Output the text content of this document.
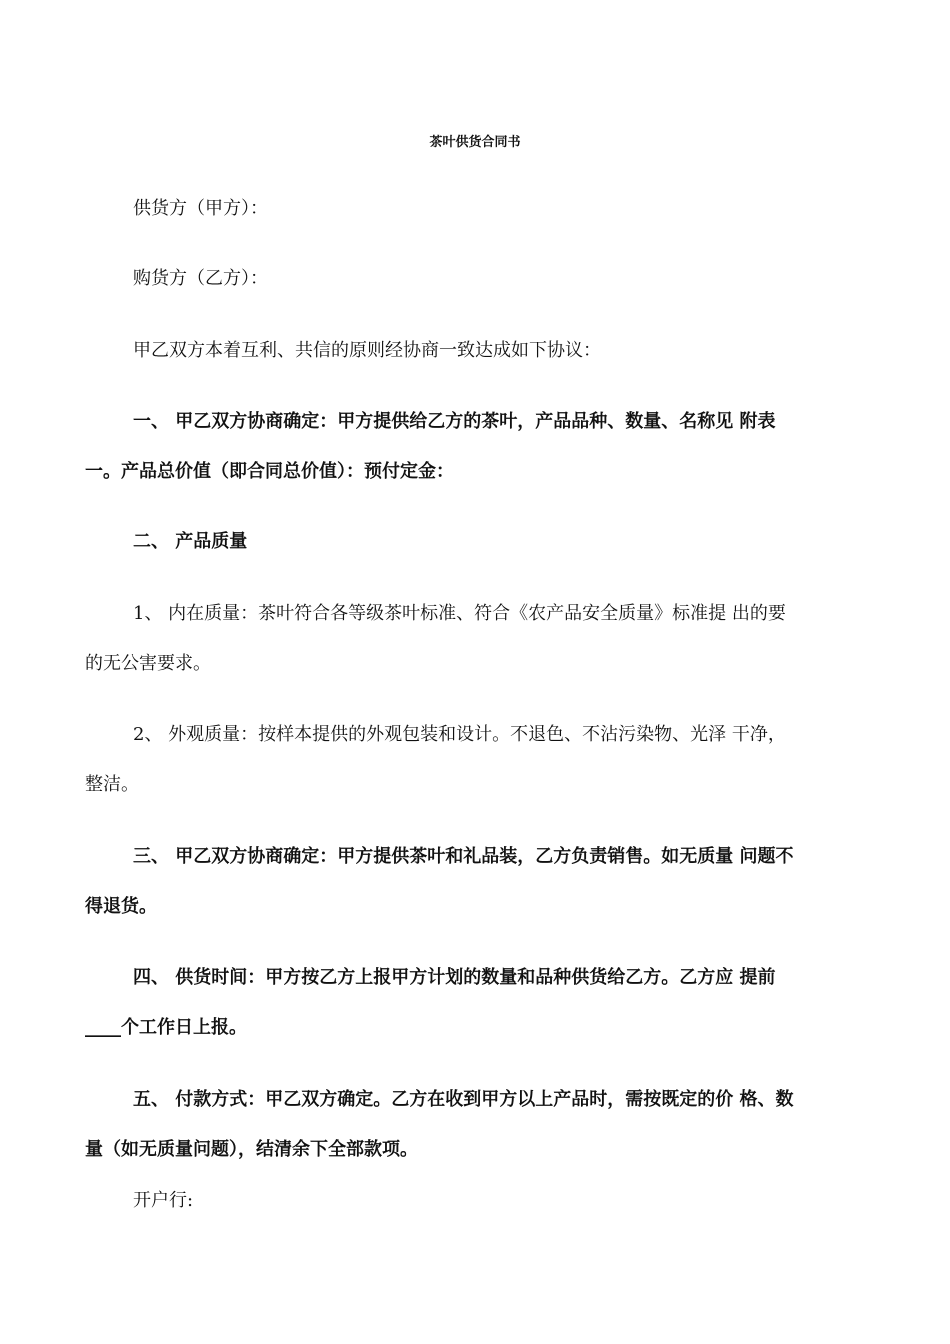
茶叶供货合同书
供货方（甲方）：
购货方（乙方）：
甲乙双方本着互利、共信的原则经协商一致达成如下协议：
一、 甲乙双方协商确定：甲方提供给乙方的茶叶，产品品种、数量、名称见 附表
一。产品总价值（即合同总价值）：预付定金：
二、 产品质量
1、 内在质量：茶叶符合各等级茶叶标准、符合《农产品安全质量》标准提 出的要
的无公害要求。
2、 外观质量：按样本提供的外观包装和设计。不退色、不沾污染物、光泽 干净，
整洁。
三、 甲乙双方协商确定：甲方提供茶叶和礼品装，乙方负责销售。如无质量 问题不
得退货。
四、 供货时间：甲方按乙方上报甲方计划的数量和品种供货给乙方。乙方应 提前
____个工作日上报。
五、 付款方式：甲乙双方确定。乙方在收到甲方以上产品时，需按既定的价 格、数
量（如无质量问题），结清余下全部款项。
开户行:
